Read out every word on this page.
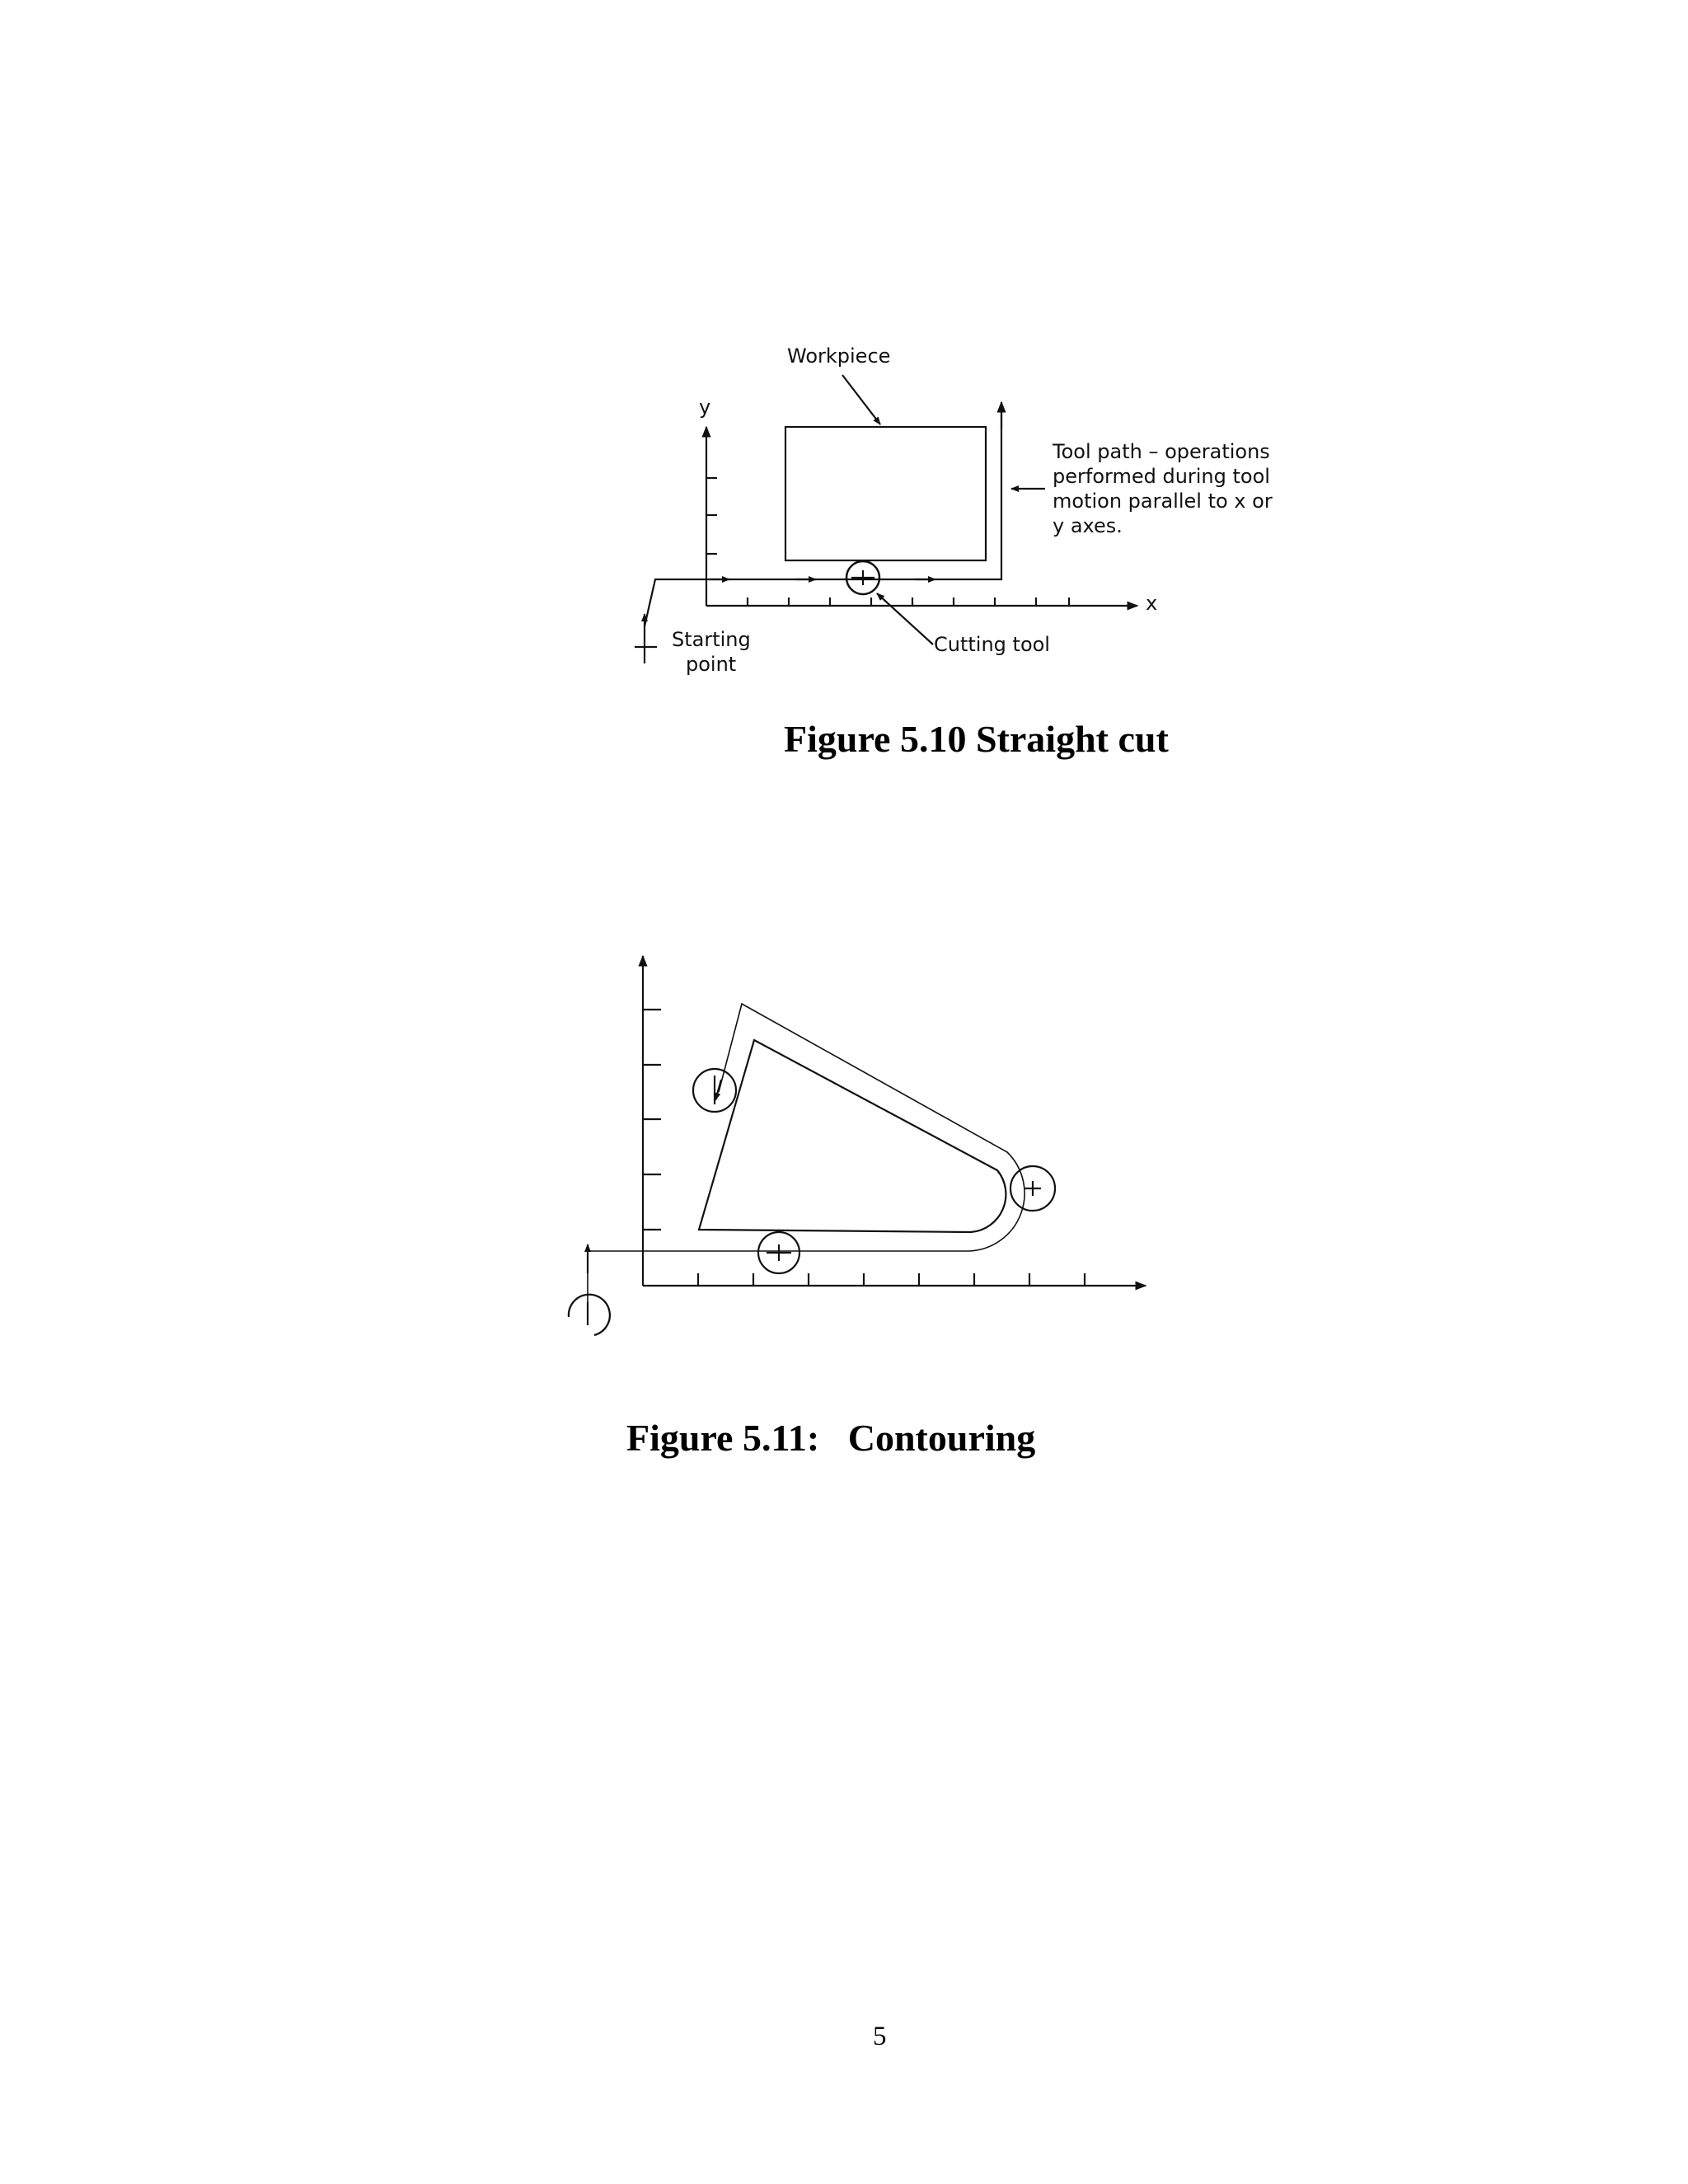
Workpiece
y
x
Tool path – operations
performed during tool
motion parallel to x or
y axes.
Starting
point
Cutting tool

Figure 5.10 Straight cut

Figure 5.11:   Contouring

5
